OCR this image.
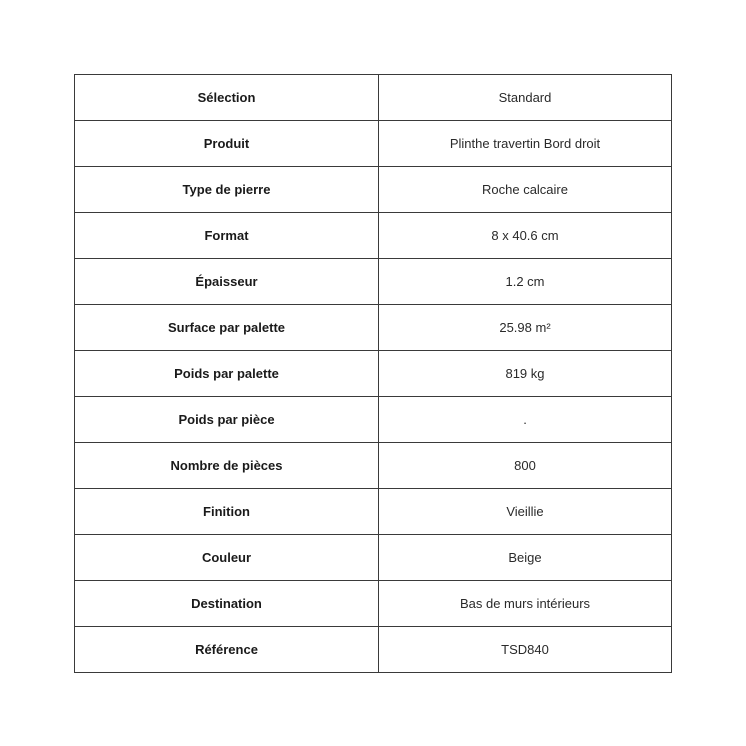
Sélection	Standard
Produit	Plinthe travertin Bord droit
Type de pierre	Roche calcaire
Format	8 x 40.6 cm
Épaisseur	1.2 cm
Surface par palette	25.98 m²
Poids par palette	819 kg
Poids par pièce	.
Nombre de pièces	800
Finition	Vieillie
Couleur	Beige
Destination	Bas de murs intérieurs
Référence	TSD840
